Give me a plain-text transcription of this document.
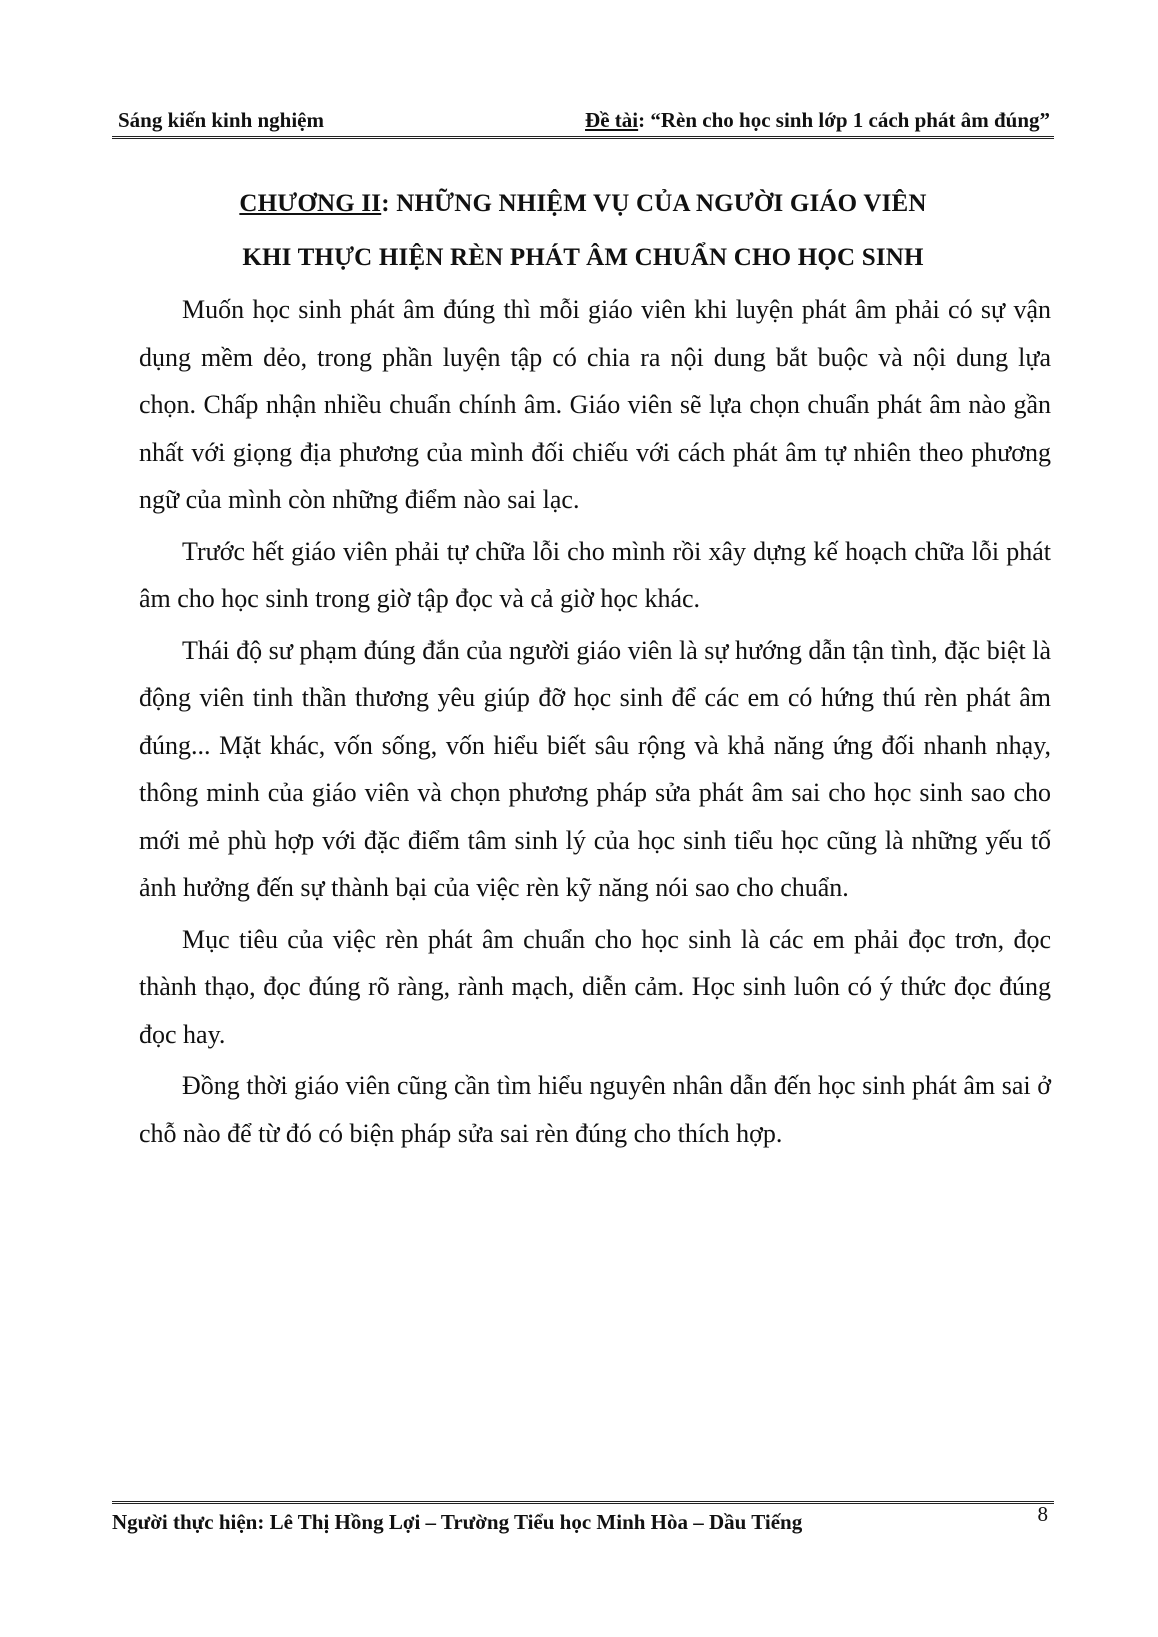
Sáng kiến kinh nghiệm	Đề tài: “Rèn cho học sinh lớp 1 cách phát âm đúng”
CHƯƠNG II: NHỮNG NHIỆM VỤ CỦA NGƯỜI GIÁO VIÊN
KHI THỰC HIỆN RÈN PHÁT ÂM CHUẨN CHO HỌC SINH

Muốn học sinh phát âm đúng thì mỗi giáo viên khi luyện phát âm phải có sự vận dụng mềm dẻo, trong phần luyện tập có chia ra nội dung bắt buộc và nội dung lựa chọn. Chấp nhận nhiều chuẩn chính âm. Giáo viên sẽ lựa chọn chuẩn phát âm nào gần nhất với giọng địa phương của mình đối chiếu với cách phát âm tự nhiên theo phương ngữ của mình còn những điểm nào sai lạc.

Trước hết giáo viên phải tự chữa lỗi cho mình rồi xây dựng kế hoạch chữa lỗi phát âm cho học sinh trong giờ tập đọc và cả giờ học khác.

Thái độ sư phạm đúng đắn của người giáo viên là sự hướng dẫn tận tình, đặc biệt là động viên tinh thần thương yêu giúp đỡ học sinh để các em có hứng thú rèn phát âm đúng... Mặt khác, vốn sống, vốn hiểu biết sâu rộng và khả năng ứng đối nhanh nhạy, thông minh của giáo viên và chọn phương pháp sửa phát âm sai cho học sinh sao cho mới mẻ phù hợp với đặc điểm tâm sinh lý của học sinh tiểu học cũng là những yếu tố ảnh hưởng đến sự thành bại của việc rèn kỹ năng nói sao cho chuẩn.

Mục tiêu của việc rèn phát âm chuẩn cho học sinh là các em phải đọc trơn, đọc thành thạo, đọc đúng rõ ràng, rành mạch, diễn cảm. Học sinh luôn có ý thức đọc đúng đọc hay.

Đồng thời giáo viên cũng cần tìm hiểu nguyên nhân dẫn đến học sinh phát âm sai ở chỗ nào để từ đó có biện pháp sửa sai rèn đúng cho thích hợp.

Người thực hiện: Lê Thị Hồng Lợi – Trường Tiểu học Minh Hòa – Dầu Tiếng	8
